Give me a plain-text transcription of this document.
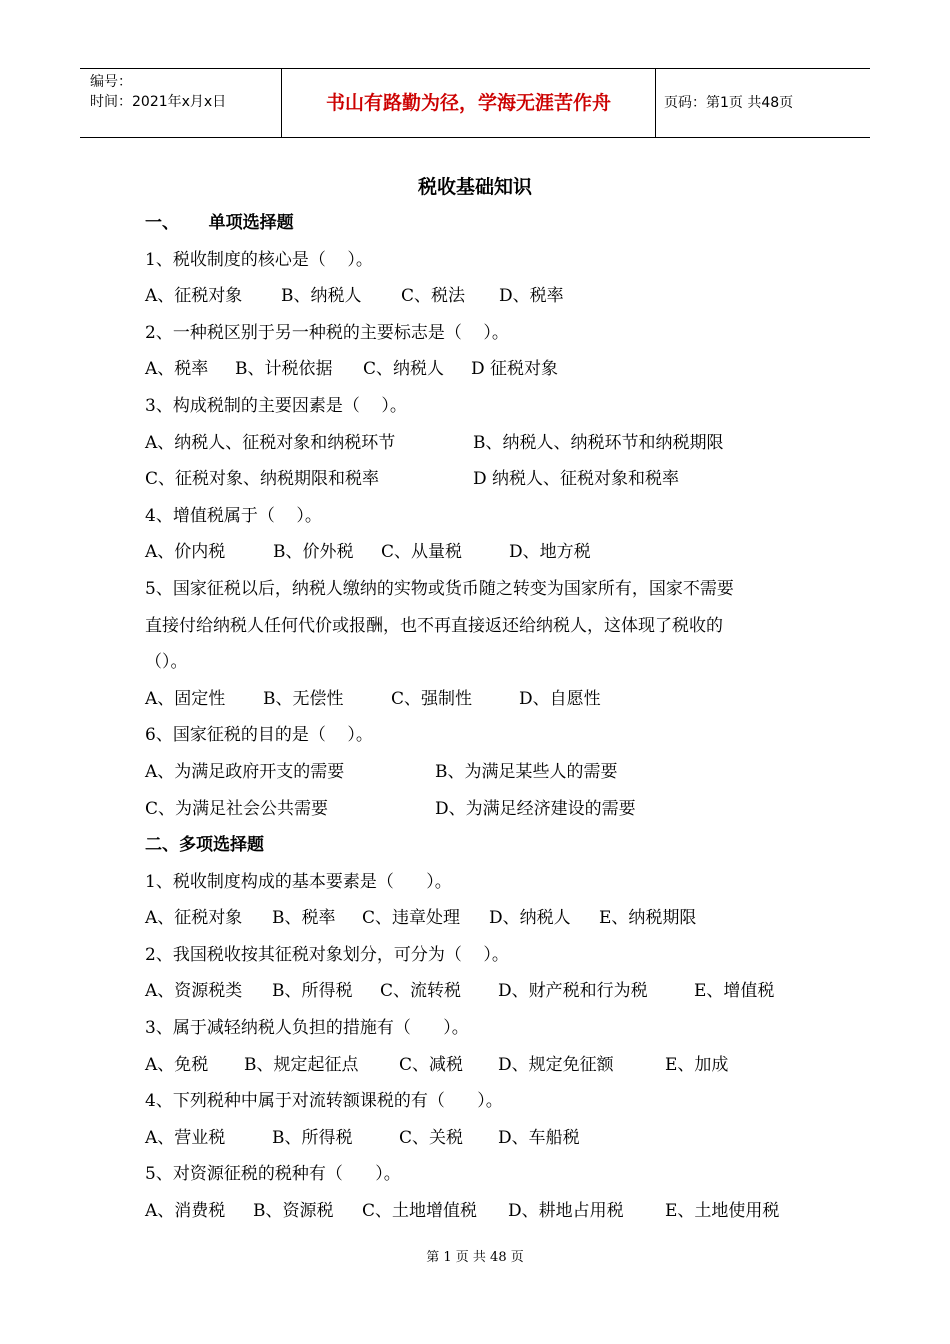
编号：
时间：2021年x月x日	书山有路勤为径，学海无涯苦作舟	页码：第1页 共48页
税收基础知识
一、     单项选择题
1、税收制度的核心是（    ）。
A、征税对象 B、纳税人 C、税法 D、税率
2、一种税区别于另一种税的主要标志是（    ）。
A、税率 B、计税依据 C、纳税人 D 征税对象
3、构成税制的主要因素是（    ）。
A、纳税人、征税对象和纳税环节	B、纳税人、纳税环节和纳税期限
C、征税对象、纳税期限和税率	D 纳税人、征税对象和税率
4、增值税属于（    ）。
A、价内税	B、价外税 C、从量税	D、地方税
5、国家征税以后，纳税人缴纳的实物或货币随之转变为国家所有，国家不需要
直接付给纳税人任何代价或报酬，也不再直接返还给纳税人，这体现了税收的
（）。
A、固定性 B、无偿性	C、强制性	D、自愿性
6、国家征税的目的是（    ）。
A、为满足政府开支的需要	B、为满足某些人的需要
C、为满足社会公共需要	D、为满足经济建设的需要
二、多项选择题
1、税收制度构成的基本要素是（      ）。
A、征税对象 B、税率 C、违章处理 D、纳税人 E、纳税期限
2、我国税收按其征税对象划分，可分为（    ）。
A、资源税类 B、所得税 C、流转税 D、财产税和行为税	E、增值税
3、属于减轻纳税人负担的措施有（      ）。
A、免税 B、规定起征点 C、减税 D、规定免征额	E、加成
4、下列税种中属于对流转额课税的有（      ）。
A、营业税	B、所得税	C、关税 D、车船税
5、对资源征税的税种有（      ）。
A、消费税 B、资源税 C、土地增值税 D、耕地占用税 E、土地使用税
第 1 页 共 48 页
